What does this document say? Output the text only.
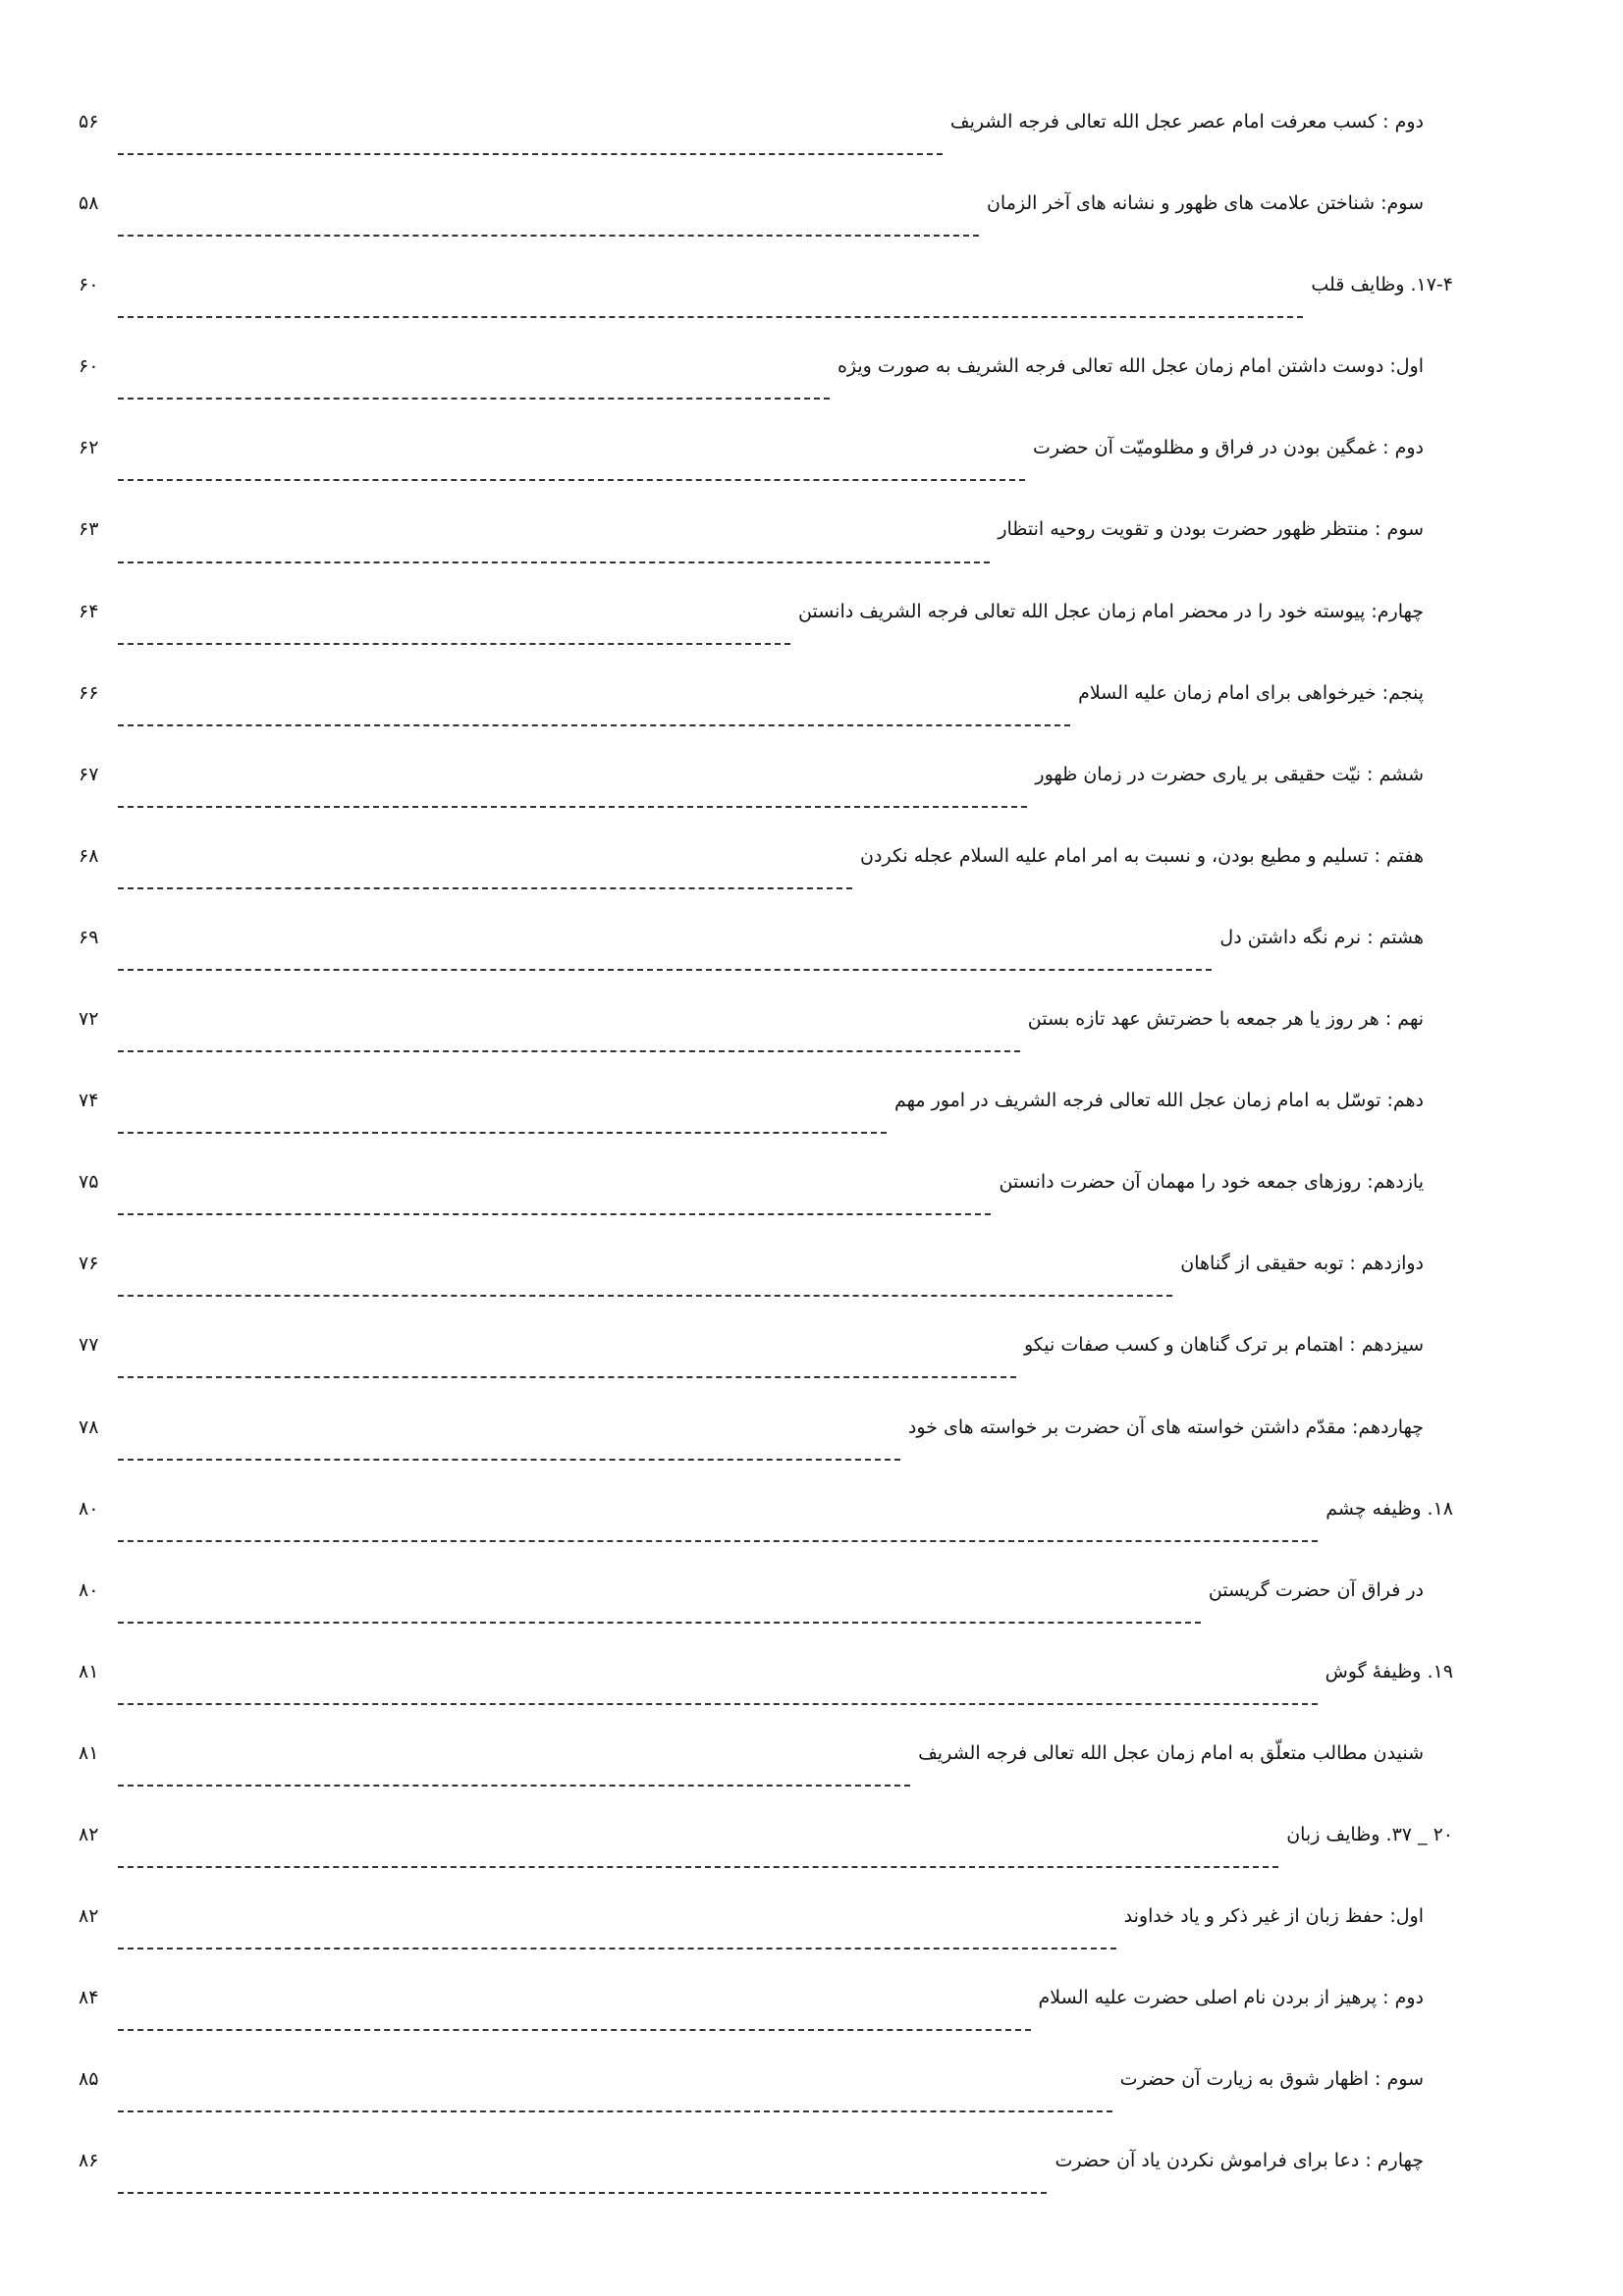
دوم : کسب معرفت امام عصر عجل الله تعالی فرجه الشریف
۵۶
سوم: شناختن علامت های ظهور و نشانه های آخر الزمان
۵۸
۱۷-۴. وظایف قلب
۶۰
اول: دوست داشتن امام زمان عجل الله تعالی فرجه الشریف به صورت ویژه
۶۰
دوم : غمگین بودن در فراق و مظلومیّت آن حضرت
۶۲
سوم : منتظر ظهور حضرت بودن و تقویت روحیه انتظار
۶۳
چهارم: پیوسته خود را در محضر امام زمان عجل الله تعالی فرجه الشریف دانستن
۶۴
پنجم: خیرخواهی برای امام زمان علیه السلام
۶۶
ششم : نیّت حقیقی بر یاری حضرت در زمان ظهور
۶۷
هفتم : تسلیم و مطیع بودن، و نسبت به امر امام علیه السلام عجله نکردن
۶۸
هشتم : نرم نگه داشتن دل
۶۹
نهم : هر روز یا هر جمعه با حضرتش عهد تازه بستن
۷۲
دهم: توسّل به امام زمان عجل الله تعالی فرجه الشریف در امور مهم
۷۴
یازدهم: روزهای جمعه خود را مهمان آن حضرت دانستن
۷۵
دوازدهم : توبه حقیقی از گناهان
۷۶
سیزدهم : اهتمام بر ترک گناهان و کسب صفات نیکو
۷۷
چهاردهم: مقدّم داشتن خواسته های آن حضرت بر خواسته های خود
۷۸
۱۸. وظیفه چشم
۸۰
در فراق آن حضرت گریستن
۸۰
۱۹. وظیفهٔ گوش
۸۱
شنیدن مطالب متعلّق به امام زمان عجل الله تعالی فرجه الشریف
۸۱
۲۰ _ ۳۷. وظایف زبان
۸۲
اول: حفظ زبان از غیر ذکر و یاد خداوند
۸۲
دوم : پرهیز از بردن نام اصلی حضرت علیه السلام
۸۴
سوم : اظهار شوق به زیارت آن حضرت
۸۵
چهارم : دعا برای فراموش نکردن یاد آن حضرت
۸۶
